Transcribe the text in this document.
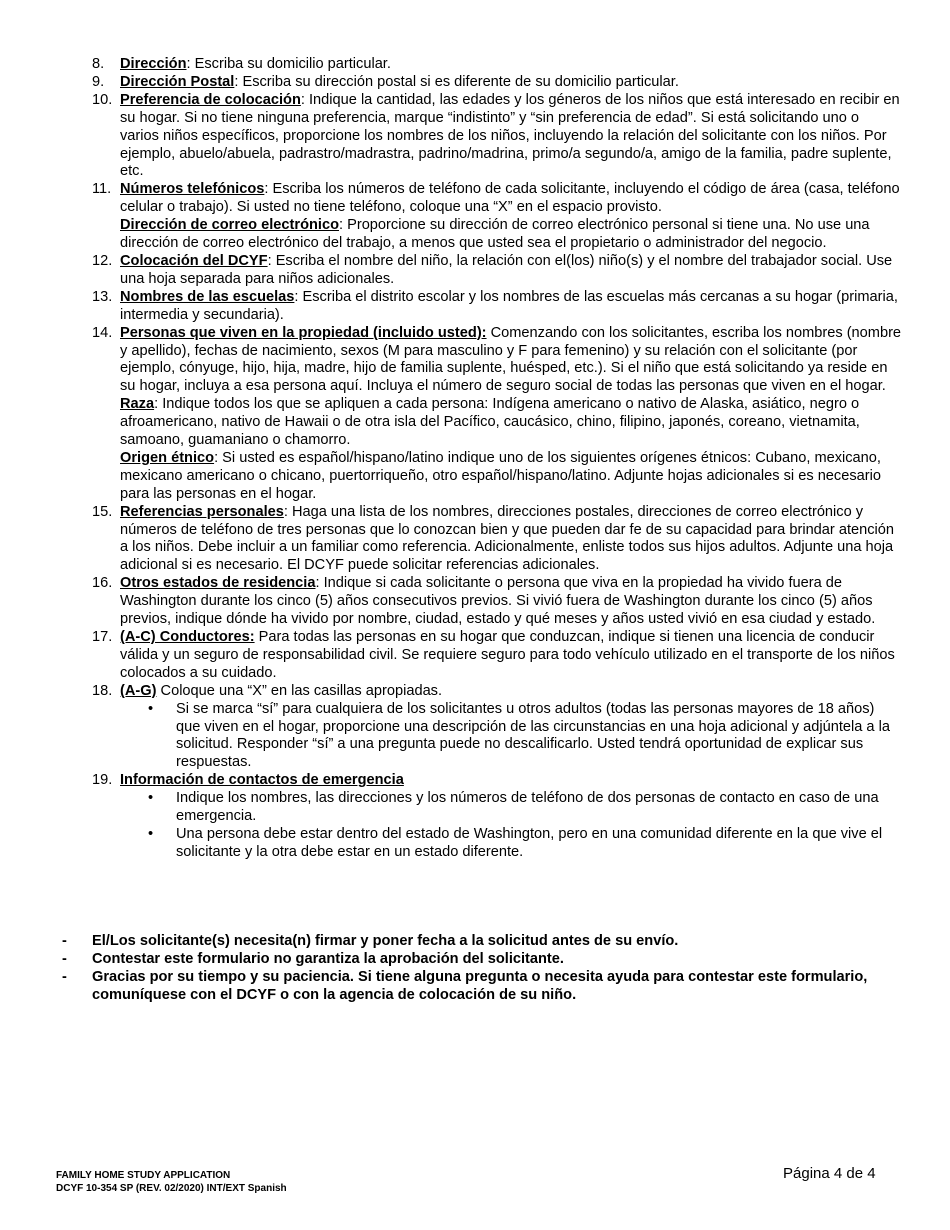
8. Dirección: Escriba su domicilio particular.

9. Dirección Postal: Escriba su dirección postal si es diferente de su domicilio particular.

10. Preferencia de colocación: Indique la cantidad, las edades y los géneros de los niños que está interesado en recibir en su hogar. Si no tiene ninguna preferencia, marque “indistinto” y “sin preferencia de edad”. Si está solicitando uno o varios niños específicos, proporcione los nombres de los niños, incluyendo la relación del solicitante con los niños. Por ejemplo, abuelo/abuela, padrastro/madrastra, padrino/madrina, primo/a segundo/a, amigo de la familia, padre suplente, etc.

11. Números telefónicos: Escriba los números de teléfono de cada solicitante, incluyendo el código de área (casa, teléfono celular o trabajo). Si usted no tiene teléfono, coloque una “X” en el espacio provisto.

Dirección de correo electrónico: Proporcione su dirección de correo electrónico personal si tiene una. No use una dirección de correo electrónico del trabajo, a menos que usted sea el propietario o administrador del negocio.

12. Colocación del DCYF: Escriba el nombre del niño, la relación con el(los) niño(s) y el nombre del trabajador social. Use una hoja separada para niños adicionales.

13. Nombres de las escuelas: Escriba el distrito escolar y los nombres de las escuelas más cercanas a su hogar (primaria, intermedia y secundaria).

14. Personas que viven en la propiedad (incluido usted): Comenzando con los solicitantes, escriba los nombres (nombre y apellido), fechas de nacimiento, sexos (M para masculino y F para femenino) y su relación con el solicitante (por ejemplo, cónyuge, hijo, hija, madre, hijo de familia suplente, huésped, etc.). Si el niño que está solicitando ya reside en su hogar, incluya a esa persona aquí. Incluya el número de seguro social de todas las personas que viven en el hogar.

Raza: Indique todos los que se apliquen a cada persona: Indígena americano o nativo de Alaska, asiático, negro o afroamericano, nativo de Hawaii o de otra isla del Pacífico, caucásico, chino, filipino, japonés, coreano, vietnamita, samoano, guamaniano o chamorro.

Origen étnico: Si usted es español/hispano/latino indique uno de los siguientes orígenes étnicos: Cubano, mexicano, mexicano americano o chicano, puertorriqueño, otro español/hispano/latino. Adjunte hojas adicionales si es necesario para las personas en el hogar.

15. Referencias personales: Haga una lista de los nombres, direcciones postales, direcciones de correo electrónico y números de teléfono de tres personas que lo conozcan bien y que pueden dar fe de su capacidad para brindar atención a los niños. Debe incluir a un familiar como referencia. Adicionalmente, enliste todos sus hijos adultos. Adjunte una hoja adicional si es necesario. El DCYF puede solicitar referencias adicionales.

16. Otros estados de residencia: Indique si cada solicitante o persona que viva en la propiedad ha vivido fuera de Washington durante los cinco (5) años consecutivos previos. Si vivió fuera de Washington durante los cinco (5) años previos, indique dónde ha vivido por nombre, ciudad, estado y qué meses y años usted vivió en esa ciudad y estado.

17. (A-C) Conductores: Para todas las personas en su hogar que conduzcan, indique si tienen una licencia de conducir válida y un seguro de responsabilidad civil. Se requiere seguro para todo vehículo utilizado en el transporte de los niños colocados a su cuidado.

18. (A-G) Coloque una “X” en las casillas apropiadas.

• Si se marca “sí” para cualquiera de los solicitantes u otros adultos (todas las personas mayores de 18 años) que viven en el hogar, proporcione una descripción de las circunstancias en una hoja adicional y adjúntela a la solicitud. Responder “sí” a una pregunta puede no descalificarlo. Usted tendrá oportunidad de explicar sus respuestas.
19. Información de contactos de emergencia

• Indique los nombres, las direcciones y los números de teléfono de dos personas de contacto en caso de una emergencia.
• Una persona debe estar dentro del estado de Washington, pero en una comunidad diferente en la que vive el solicitante y la otra debe estar en un estado diferente.
- El/Los solicitante(s) necesita(n) firmar y poner fecha a la solicitud antes de su envío.
- Contestar este formulario no garantiza la aprobación del solicitante.
- Gracias por su tiempo y su paciencia. Si tiene alguna pregunta o necesita ayuda para contestar este formulario, comuníquese con el DCYF o con la agencia de colocación de su niño.
FAMILY HOME STUDY APPLICATION
DCYF 10-354 SP (REV. 02/2020) INT/EXT Spanish
Página 4 de 4
